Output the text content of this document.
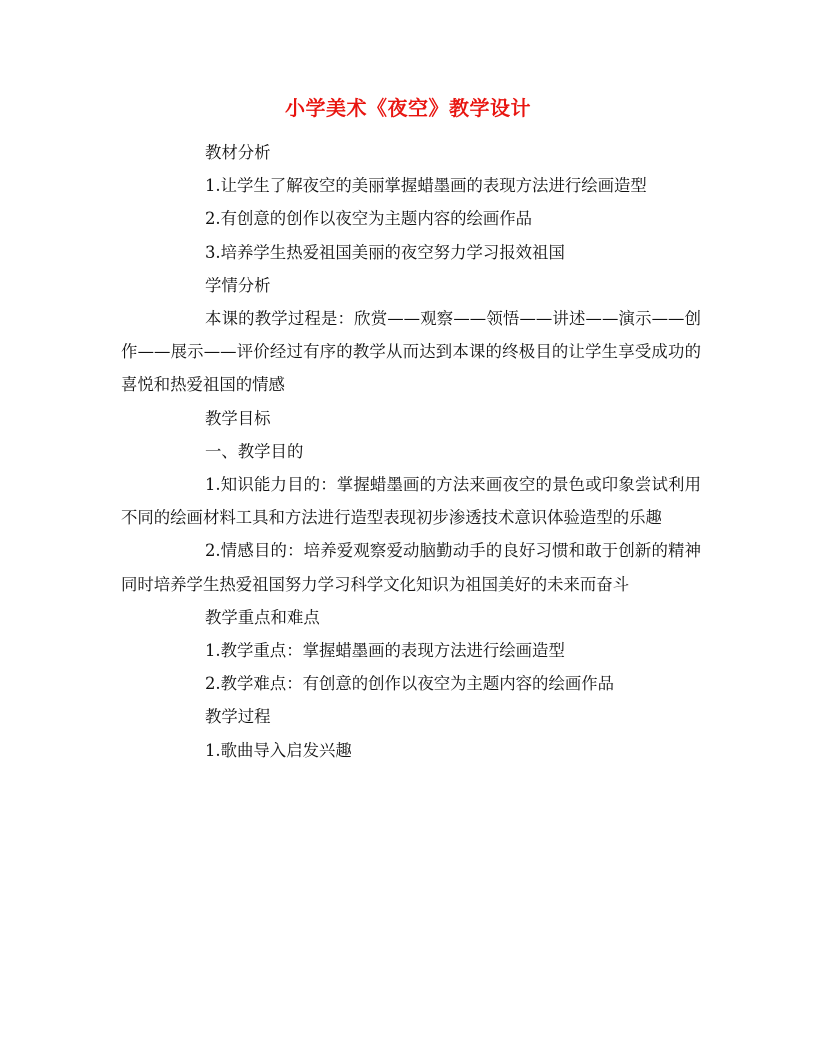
小学美术《夜空》教学设计

教材分析

1.让学生了解夜空的美丽掌握蜡墨画的表现方法进行绘画造型

2.有创意的创作以夜空为主题内容的绘画作品

3.培养学生热爱祖国美丽的夜空努力学习报效祖国

学情分析

本课的教学过程是：欣赏——观察——领悟——讲述——演示——创作——展示——评价经过有序的教学从而达到本课的终极目的让学生享受成功的喜悦和热爱祖国的情感

教学目标

一、教学目的

1.知识能力目的：掌握蜡墨画的方法来画夜空的景色或印象尝试利用不同的绘画材料工具和方法进行造型表现初步渗透技术意识体验造型的乐趣

2.情感目的：培养爱观察爱动脑勤动手的良好习惯和敢于创新的精神同时培养学生热爱祖国努力学习科学文化知识为祖国美好的未来而奋斗

教学重点和难点

1.教学重点：掌握蜡墨画的表现方法进行绘画造型

2.教学难点：有创意的创作以夜空为主题内容的绘画作品

教学过程

1.歌曲导入启发兴趣
